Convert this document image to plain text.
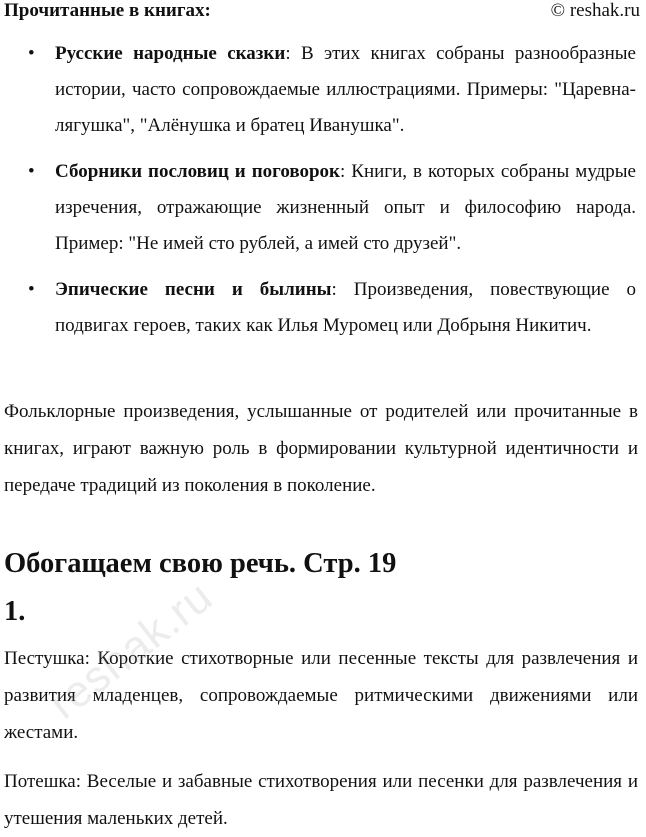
Прочитанные в книгах:	© reshak.ru
• Русские народные сказки: В этих книгах собраны разнообразные истории, часто сопровождаемые иллюстрациями. Примеры: "Царевна-лягушка", "Алёнушка и братец Иванушка".
• Сборники пословиц и поговорок: Книги, в которых собраны мудрые изречения, отражающие жизненный опыт и философию народа. Пример: "Не имей сто рублей, а имей сто друзей".
• Эпические песни и былины: Произведения, повествующие о подвигах героев, таких как Илья Муромец или Добрыня Никитич.

Фольклорные произведения, услышанные от родителей или прочитанные в книгах, играют важную роль в формировании культурной идентичности и передаче традиций из поколения в поколение.

Обогащаем свою речь. Стр. 19
1.

Пестушка: Короткие стихотворные или песенные тексты для развлечения и развития младенцев, сопровождаемые ритмическими движениями или жестами.

Потешка: Веселые и забавные стихотворения или песенки для развлечения и утешения маленьких детей.

reshak.ru
